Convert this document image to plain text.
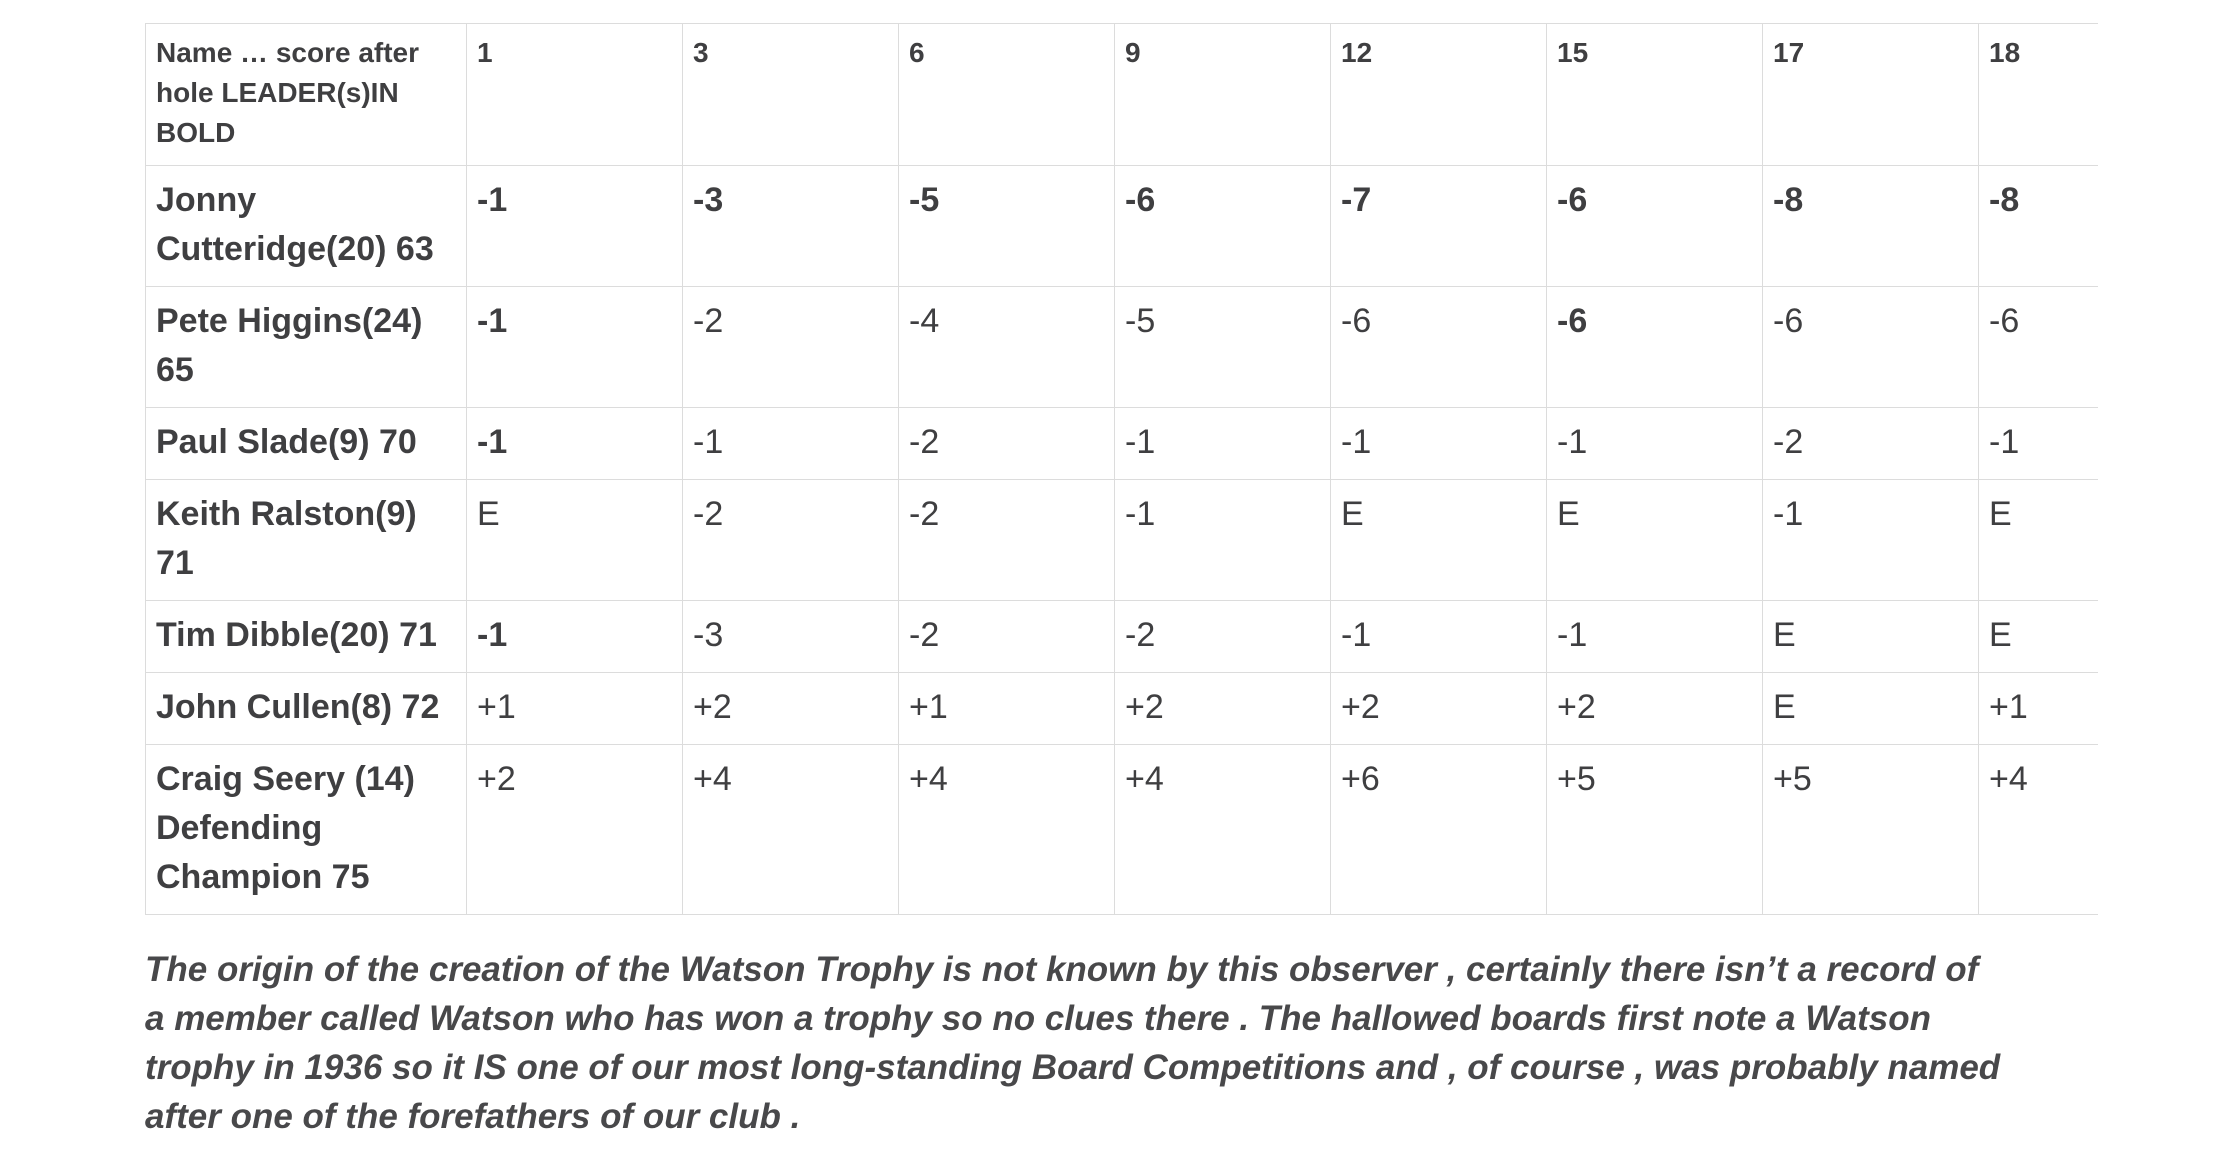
Name … score after hole LEADER(s)IN BOLD	1	3	6	9	12	15	17	18
Jonny Cutteridge(20) 63	-1	-3	-5	-6	-7	-6	-8	-8
Pete Higgins(24) 65	-1	-2	-4	-5	-6	-6	-6	-6
Paul Slade(9) 70	-1	-1	-2	-1	-1	-1	-2	-1
Keith Ralston(9) 71	E	-2	-2	-1	E	E	-1	E
Tim Dibble(20) 71	-1	-3	-2	-2	-1	-1	E	E
John Cullen(8) 72	+1	+2	+1	+2	+2	+2	E	+1
Craig Seery (14) Defending Champion 75	+2	+4	+4	+4	+6	+5	+5	+4

The origin of the creation of the Watson Trophy is not known by this observer , certainly there isn’t a record of a member called Watson who has won a trophy so no clues there . The hallowed boards first note a Watson trophy in 1936 so it IS one of our most long-standing Board Competitions and , of course , was probably named after one of the forefathers of our club .
